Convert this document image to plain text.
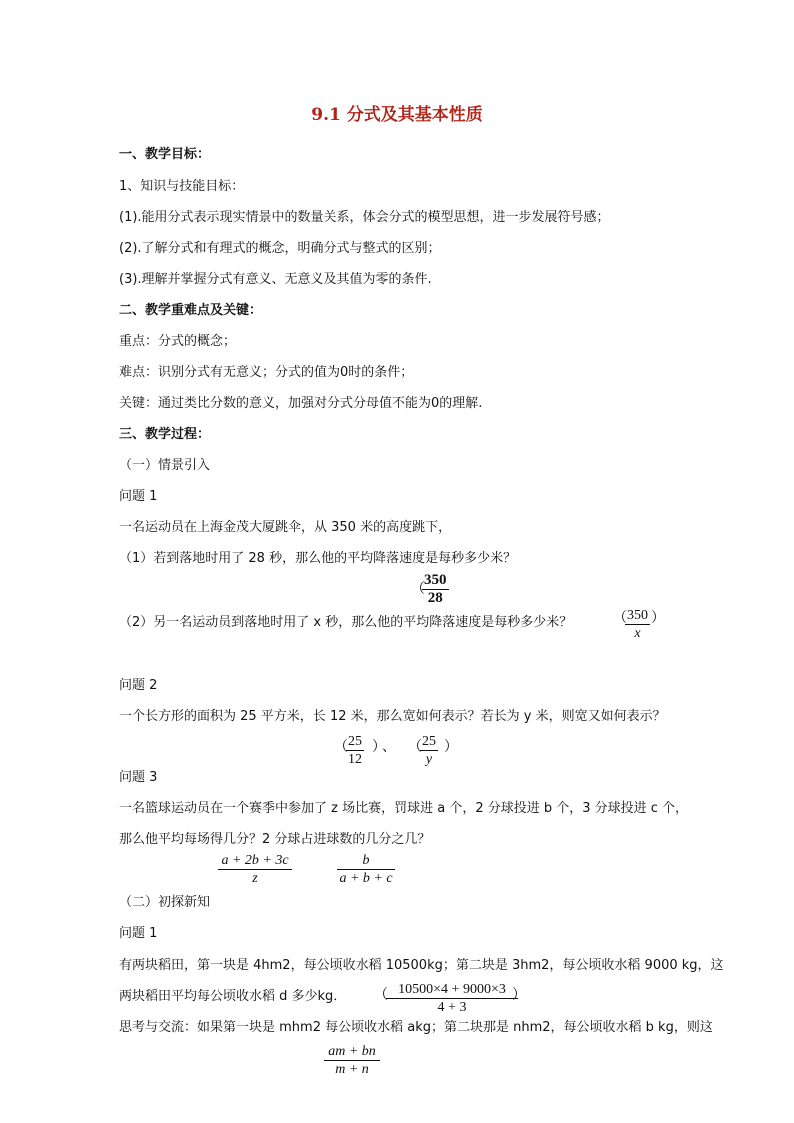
9.1 分式及其基本性质
一、教学目标：
1、知识与技能目标：
(1).能用分式表示现实情景中的数量关系，体会分式的模型思想，进一步发展符号感；
(2).了解分式和有理式的概念，明确分式与整式的区别；
(3).理解并掌握分式有意义、无意义及其值为零的条件.
二、教学重难点及关键：
重点：分式的概念；
难点：识别分式有无意义；分式的值为0时的条件；
关键：通过类比分数的意义，加强对分式分母值不能为0的理解.
三、教学过程：
（一）情景引入
问题 1
一名运动员在上海金茂大厦跳伞，从 350 米的高度跳下，
（1）若到落地时用了 28 秒，那么他的平均降落速度是每秒多少米？
（
$\frac{350}{28}$
（2）另一名运动员到落地时用了 x 秒，那么他的平均降落速度是每秒多少米？	（
$\frac{350}{x}$ ）
问题 2
一个长方形的面积为 25 平方米，长 12 米，那么宽如何表示？若长为 y 米，则宽又如何表示？
（
$\frac{25}{12}$ ）
、 （
$\frac{25}{y}$ ）
问题 3
一名篮球运动员在一个赛季中参加了 z 场比赛，罚球进 a 个，2 分球投进 b 个，3 分球投进 c 个，
那么他平均每场得几分？2 分球占进球数的几分之几？
$\frac{a + 2b + 3c}{z}$	$\frac{b}{a + b + c}$
（二）初探新知
问题 1
有两块稻田，第一块是 4hm2，每公顷收水稻 10500kg；第二块是 3hm2，每公顷收水稻 9000 kg，这
两块稻田平均每公顷收水稻 d 多少kg． （
$\frac{10500\times 4 + 9000\times 3}{4 + 3}$
）
思考与交流：如果第一块是 mhm2 每公顷收水稻 akg；第二块那是 nhm2，每公顷收水稻 b kg，则这
$\frac{am + bn}{m + n}$
